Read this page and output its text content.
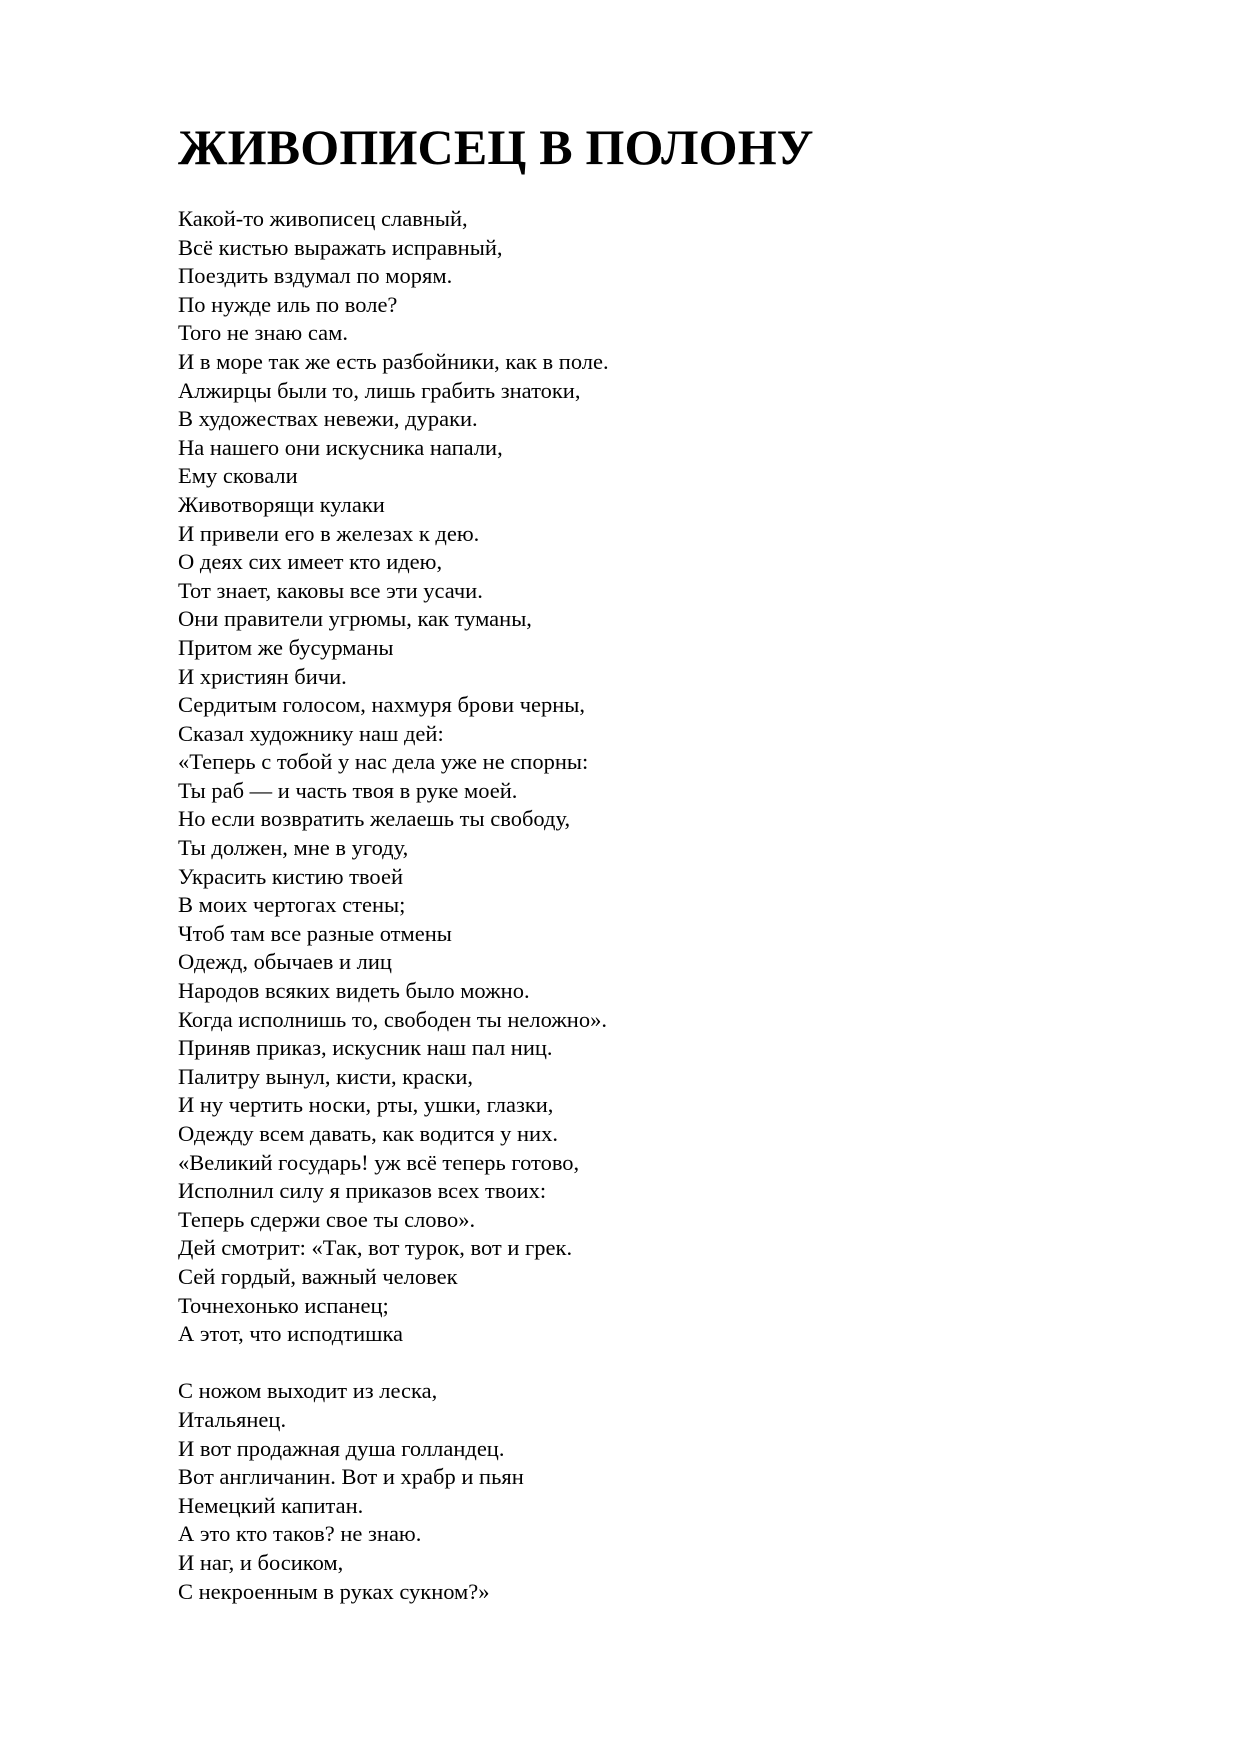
ЖИВОПИСЕЦ В ПОЛОНУ
Какой-то живописец славный,
Всё кистью выражать исправный,
Поездить вздумал по морям.
По нужде иль по воле?
Того не знаю сам.
И в море так же есть разбойники, как в поле.
Алжирцы были то, лишь грабить знатоки,
В художествах невежи, дураки.
На нашего они искусника напали,
Ему сковали
Животворящи кулаки
И привели его в железах к дею.
О деях сих имеет кто идею,
Тот знает, каковы все эти усачи.
Они правители угрюмы, как туманы,
Притом же бусурманы
И християн бичи.
Сердитым голосом, нахмуря брови черны,
Сказал художнику наш дей:
«Теперь с тобой у нас дела уже не спорны:
Ты раб — и часть твоя в руке моей.
Но если возвратить желаешь ты свободу,
Ты должен, мне в угоду,
Украсить кистию твоей
В моих чертогах стены;
Чтоб там все разные отмены
Одежд, обычаев и лиц
Народов всяких видеть было можно.
Когда исполнишь то, свободен ты неложно».
Приняв приказ, искусник наш пал ниц.
Палитру вынул, кисти, краски,
И ну чертить носки, рты, ушки, глазки,
Одежду всем давать, как водится у них.
«Великий государь! уж всё теперь готово,
Исполнил силу я приказов всех твоих:
Теперь сдержи свое ты слово».
Дей смотрит: «Так, вот турок, вот и грек.
Сей гордый, важный человек
Точнехонько испанец;
А этот, что исподтишка
С ножом выходит из леска,
Итальянец.
И вот продажная душа голландец.
Вот англичанин. Вот и храбр и пьян
Немецкий капитан.
А это кто таков? не знаю.
И наг, и босиком,
С некроенным в руках сукном?»
